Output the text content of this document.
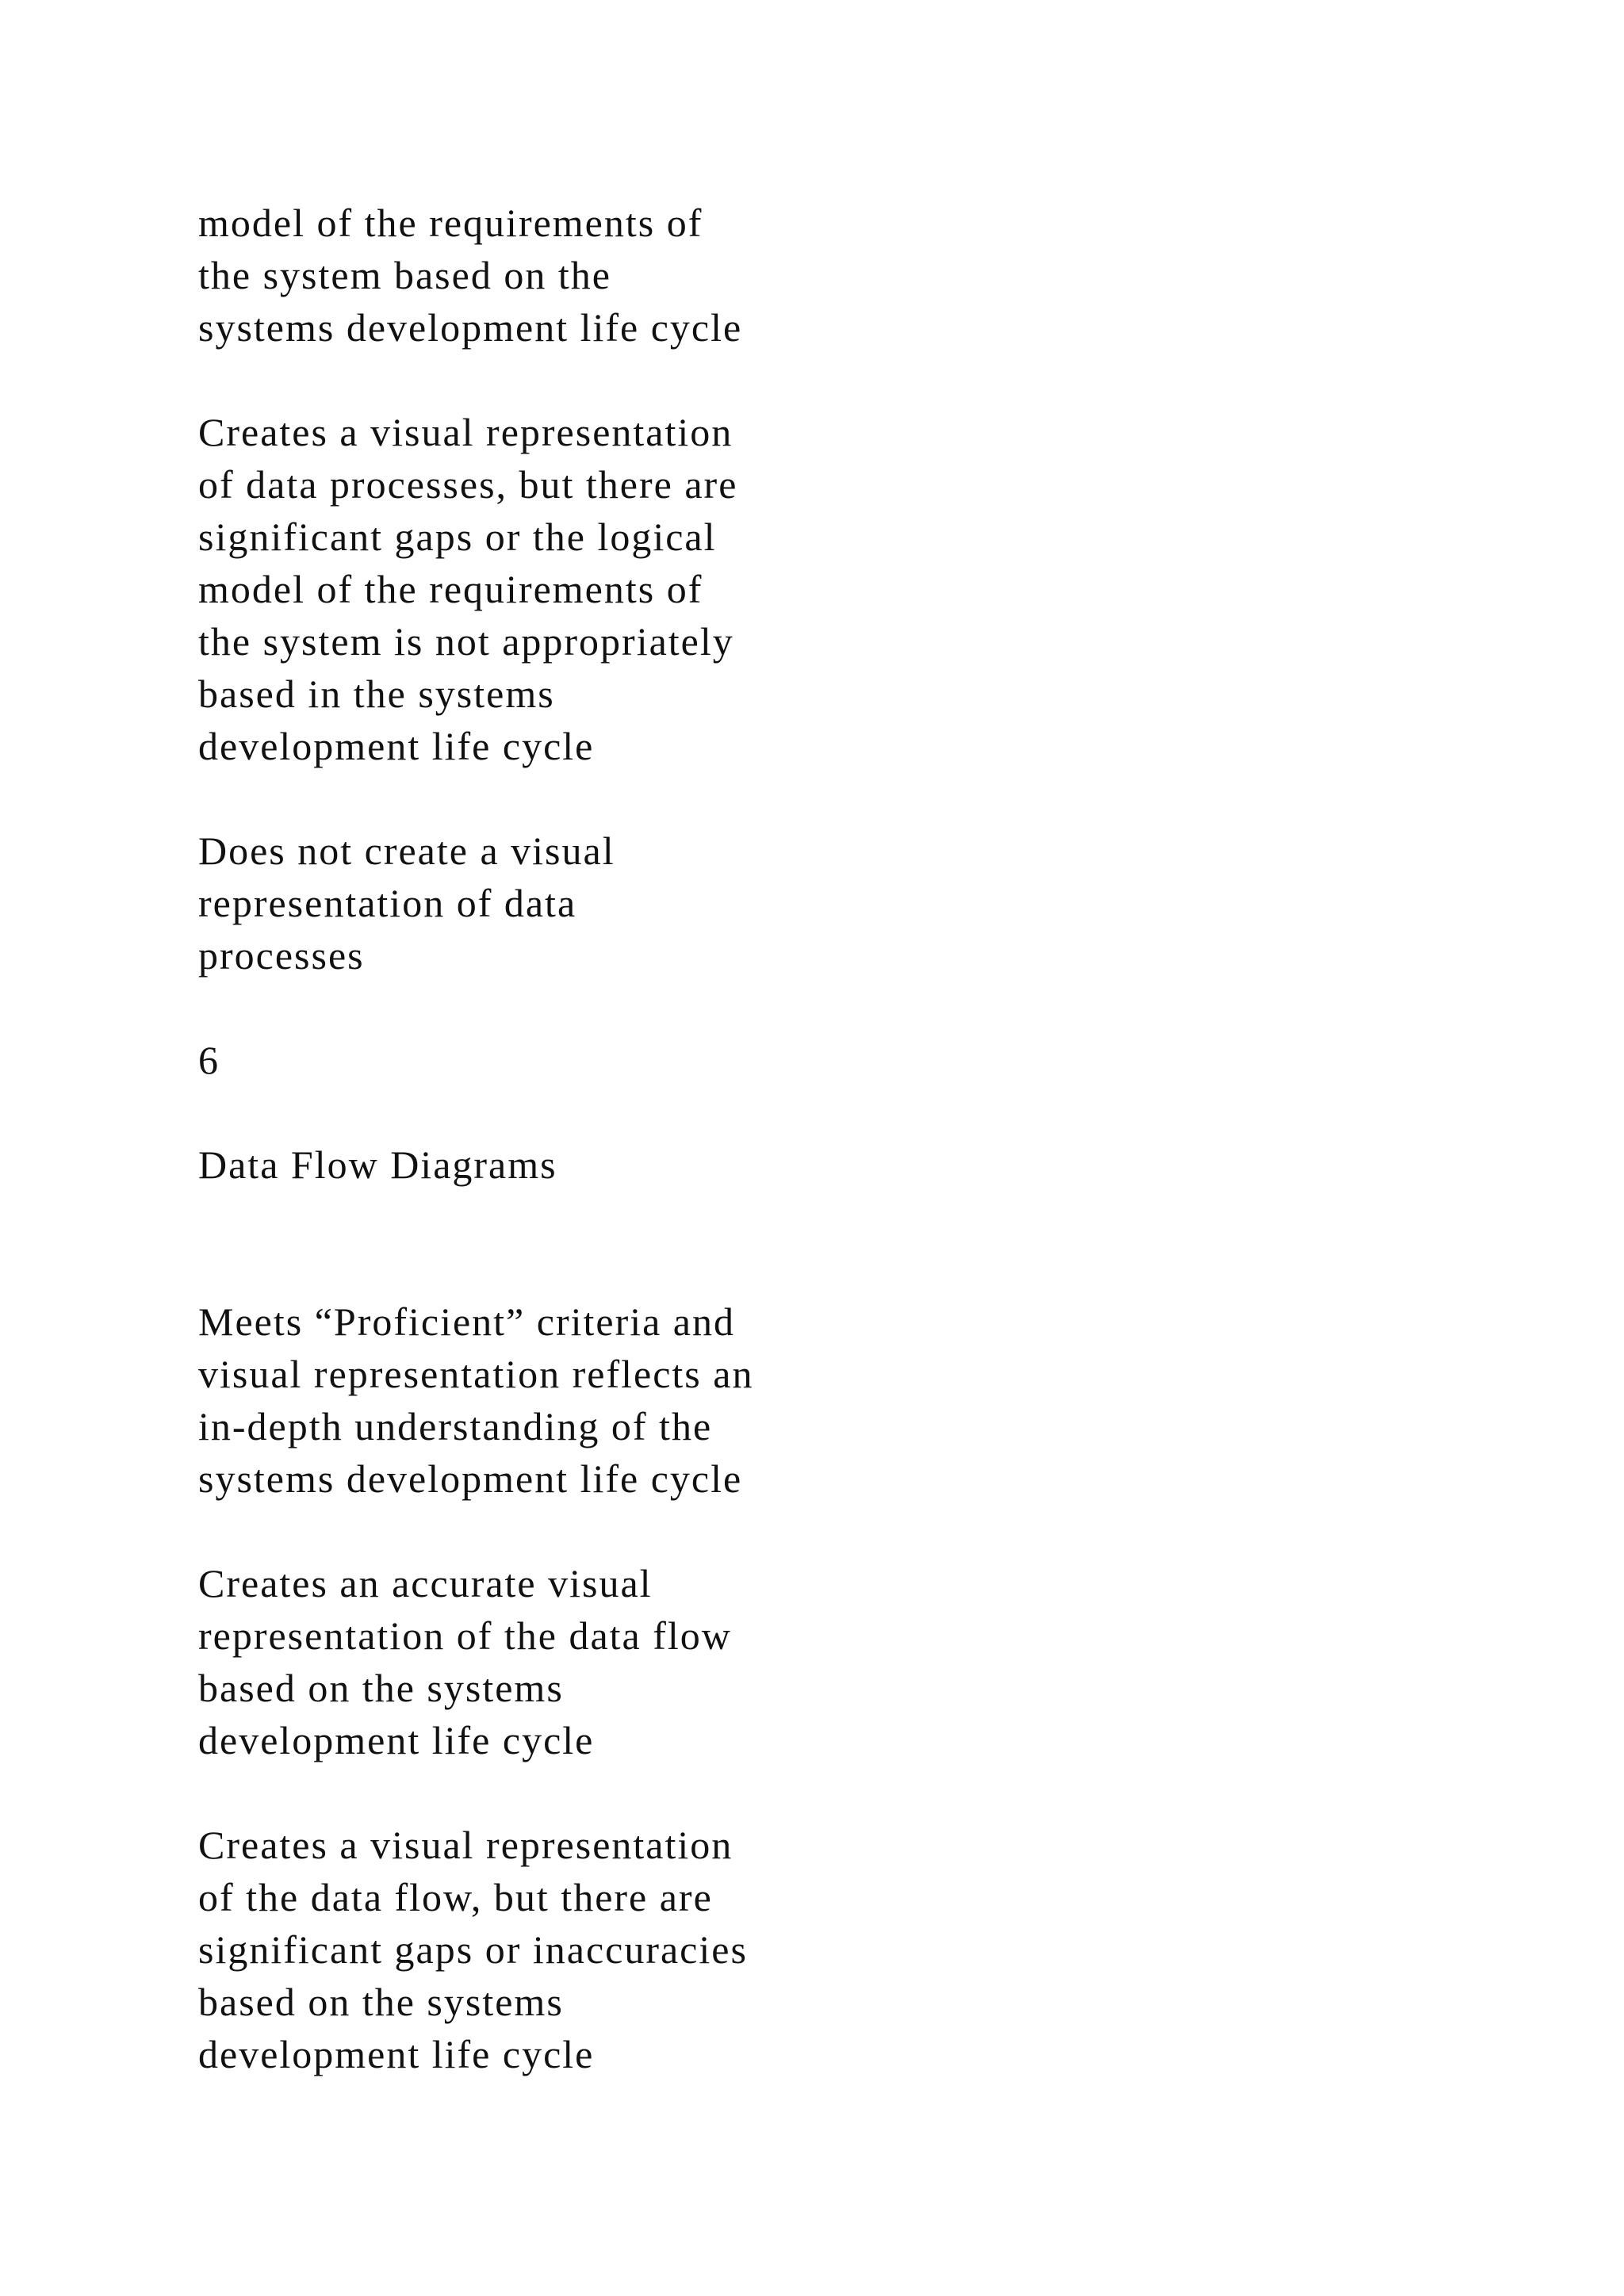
model of the requirements of
the system based on the
systems development life cycle

Creates a visual representation
of data processes, but there are
significant gaps or the logical
model of the requirements of
the system is not appropriately
based in the systems
development life cycle

Does not create a visual
representation of data
processes

6

Data Flow Diagrams

Meets “Proficient” criteria and
visual representation reflects an
in-depth understanding of the
systems development life cycle

Creates an accurate visual
representation of the data flow
based on the systems
development life cycle

Creates a visual representation
of the data flow, but there are
significant gaps or inaccuracies
based on the systems
development life cycle
